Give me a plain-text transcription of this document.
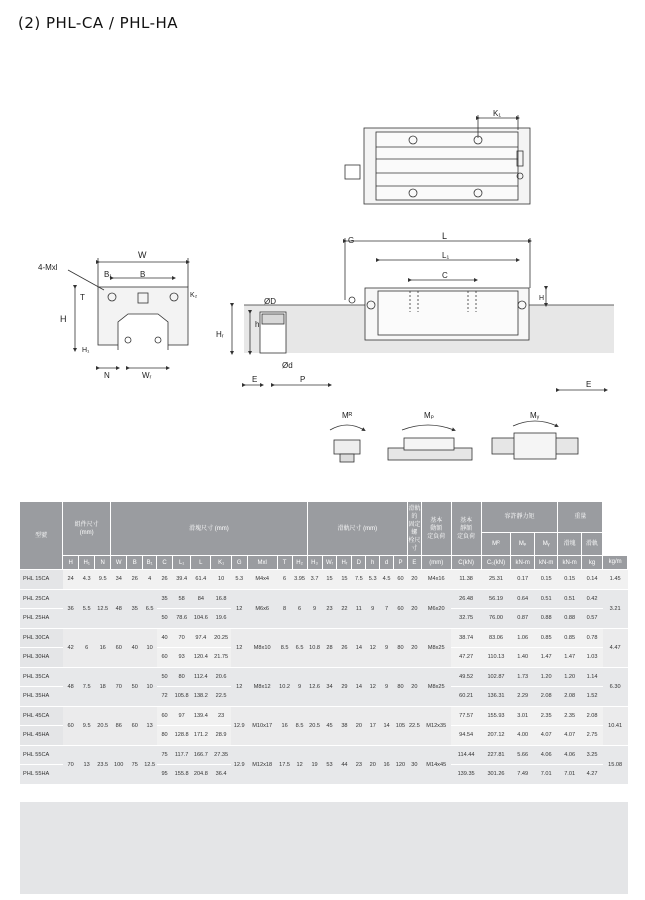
(2) PHL-CA / PHL-HA
K₁
W
4-Mxl
B₁	B
T
H
K₂
H₁
N	Wᵣ
G	L
L₁
C
Hᵣ
h
ØD
Ød
E	P
E
H
Mᴿ	Mₚ	Mᵧ
型號	組件尺寸
(mm)			滑塊尺寸 (mm)											滑軌尺寸 (mm)							滑軌的
固定螺
栓尺寸	基本
動額
定負荷	基本
靜額
定負荷	容許靜力矩			重量		
																									Mᴿ	Mₚ	Mᵧ	滑塊	滑軌	
	H	H₁	N	W	B	B₁	C	L₁	L	K₁	G	Mxl	T	H₂	H₃	Wᵣ	Hᵣ	D	h	d	P	E	(mm)	C(kN)	C₀(kN)	kN-m	kN-m	kN-m	kg	kg/m
PHL 15CA	24	4.3	9.5	34	26	4	26	39.4	61.4	10	5.3	M4x4	6	3.95	3.7	15	15	7.5	5.3	4.5	60	20	M4x16	11.38	25.31	0.17	0.15	0.15	0.14	1.45
PHL 25CA	36	5.5	12.5	48	35	6.5	35	58	84	16.8	12	M6x6	8	6	9	23	22	11	9	7	60	20	M6x20	26.48	56.19	0.64	0.51	0.51	0.42	3.21
PHL 25HA							50	78.6	104.6	19.6														32.75	76.00	0.87	0.88	0.88	0.57	
PHL 30CA	42	6	16	60	40	10	40	70	97.4	20.25	12	M8x10	8.5	6.5	10.8	28	26	14	12	9	80	20	M8x25	38.74	83.06	1.06	0.85	0.85	0.78	4.47
PHL 30HA							60	93	120.4	21.75														47.27	110.13	1.40	1.47	1.47	1.03	
PHL 35CA	48	7.5	18	70	50	10	50	80	112.4	20.6	12	M8x12	10.2	9	12.6	34	29	14	12	9	80	20	M8x25	49.52	102.87	1.73	1.20	1.20	1.14	6.30
PHL 35HA							72	105.8	138.2	22.5														60.21	136.31	2.29	2.08	2.08	1.52	
PHL 45CA	60	9.5	20.5	86	60	13	60	97	139.4	23	12.9	M10x17	16	8.5	20.5	45	38	20	17	14	105	22.5	M12x35	77.57	155.93	3.01	2.35	2.35	2.08	10.41
PHL 45HA							80	128.8	171.2	28.9														94.54	207.12	4.00	4.07	4.07	2.75	
PHL 55CA	70	13	23.5	100	75	12.5	75	117.7	166.7	27.35	12.9	M12x18	17.5	12	19	53	44	23	20	16	120	30	M14x45	114.44	227.81	5.66	4.06	4.06	3.25	15.08
PHL 55HA							95	155.8	204.8	36.4														139.35	301.26	7.49	7.01	7.01	4.27	
